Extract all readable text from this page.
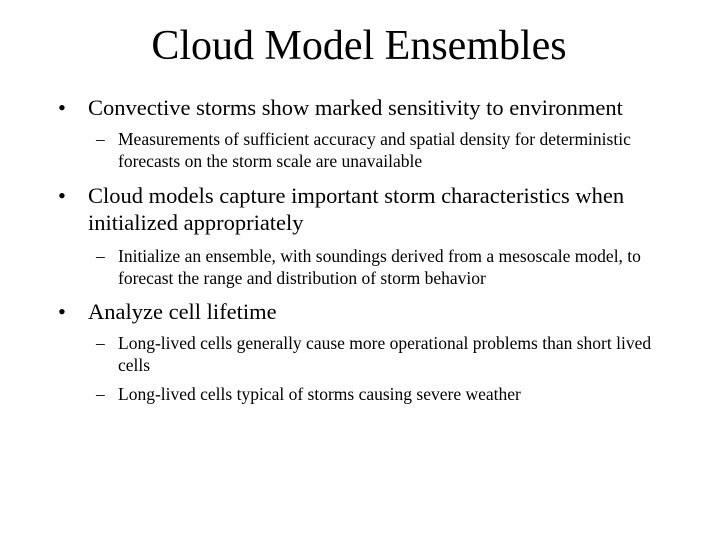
Cloud Model Ensembles
• Convective storms show marked sensitivity to environment
– Measurements of sufficient accuracy and spatial density for deterministic forecasts on the storm scale are unavailable
• Cloud models capture important storm characteristics when initialized appropriately
– Initialize an ensemble, with soundings derived from a mesoscale model, to forecast the range and distribution of storm behavior
• Analyze cell lifetime
– Long-lived cells generally cause more operational problems than short lived cells
– Long-lived cells typical of storms causing severe weather
